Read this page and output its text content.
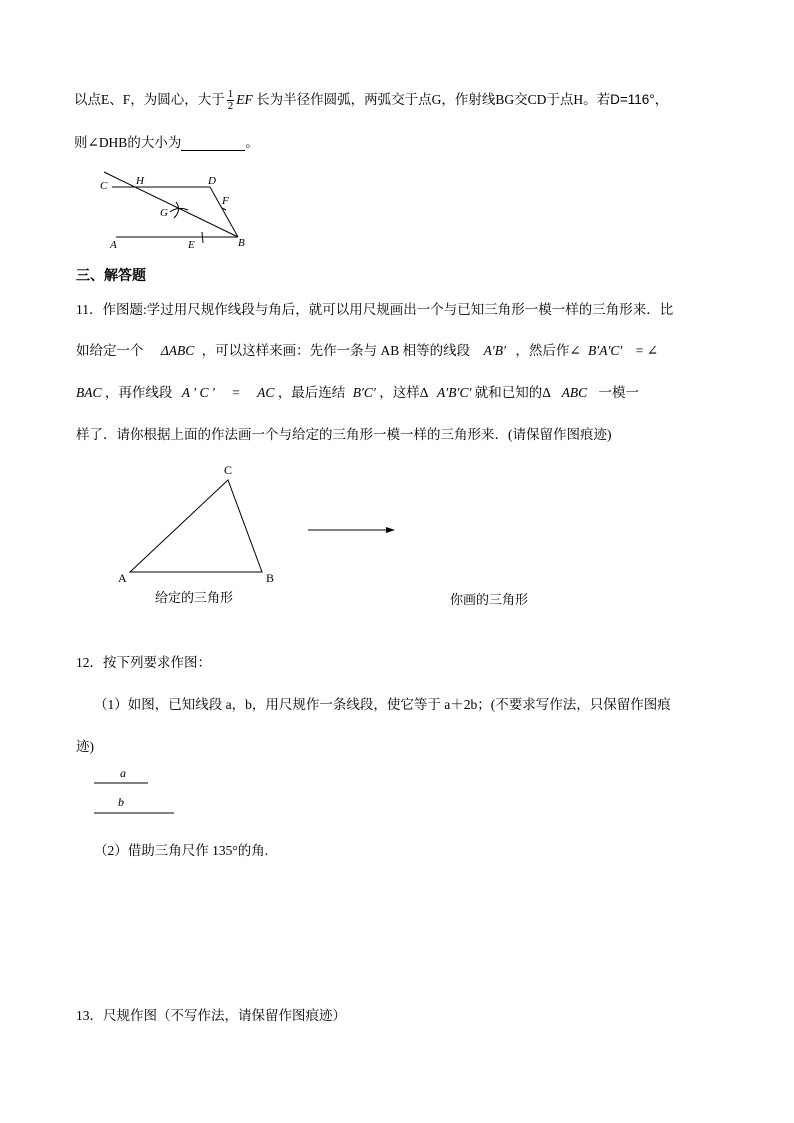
以点E、F，为圆心，大于 $\frac{1}{2}$ EF 长为半径作圆弧，两弧交于点G，作射线BG交CD于点H。若D=116°，
则∠DHB的大小为	。
C	H	D
G
F
A	E	B
三、解答题
11．作图题:学过用尺规作线段与角后，就可以用尺规画出一个与已知三角形一模一样的三角形来．比
如给定一个 ΔABC ，可以这样来画：先作一条与 AB 相等的线段 A′B′ ，然后作∠ B′A′C′ = ∠
BAC ，再作线段 A ′ C ′ = AC ，最后连结 B′C′ ，这样Δ A′B′C′ 就和已知的Δ ABC 一模一
样了．请你根据上面的作法画一个与给定的三角形一模一样的三角形来．(请保留作图痕迹)
C
A	B
给定的三角形	你画的三角形
12．按下列要求作图：
（1）如图，已知线段 a，b，用尺规作一条线段，使它等于 a＋2b；(不要求写作法，只保留作图痕
迹)
a
b
（2）借助三角尺作 135°的角.
13．尺规作图（不写作法，请保留作图痕迹）
